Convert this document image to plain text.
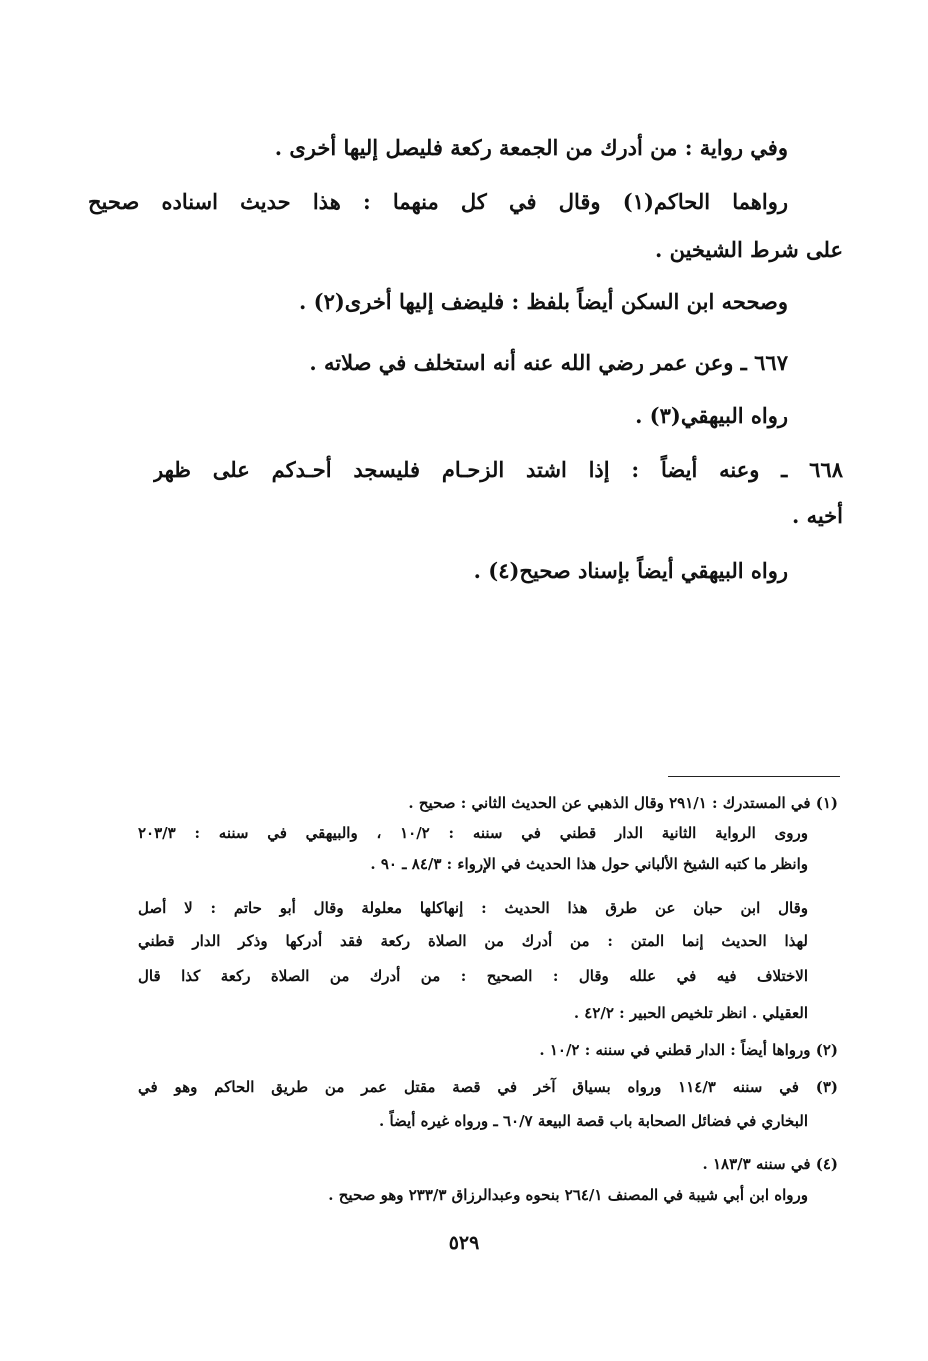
وفي رواية : من أدرك من الجمعة ركعة فليصل إليها أخرى .
رواهما الحاكم(١) وقال في كل منهما : هذا حديث اسناده صحيح
على شرط الشيخين .
وصححه ابن السكن أيضاً بلفظ : فليضف إليها أخرى(٢) .
٦٦٧ ـ وعن عمر رضي الله عنه أنه استخلف في صلاته .
رواه البيهقي(٣) .
٦٦٨ ـ وعنه أيضاً : إذا اشتد الزحـام فليسجد أحـدكم على ظهر
أخيه .
رواه البيهقي أيضاً بإسناد صحيح(٤) .
(١) في المستدرك : ٢٩١/١ وقال الذهبي عن الحديث الثاني : صحيح .
وروى الرواية الثانية الدار قطني في سننه : ١٠/٢ ، والبيهقي في سننه : ٢٠٣/٣
وانظر ما كتبه الشيخ الألباني حول هذا الحديث في الإرواء : ٨٤/٣ ـ ٩٠ .
وقال ابن حبان عن طرق هذا الحديث : إنهاكلها معلولة وقال أبو حاتم : لا أصل
لهذا الحديث إنما المتن : من أدرك من الصلاة ركعة فقد أدركها وذكر الدار قطني
الاختلاف فيه في علله وقال : الصحيح : من أدرك من الصلاة ركعة كذا قال
العقيلي . انظر تلخيص الحبير : ٤٢/٢ .
(٢) ورواها أيضاً : الدار قطني في سننه : ١٠/٢ .
(٣) في سننه ١١٤/٣ ورواه بسياق آخر في قصة مقتل عمر من طريق الحاكم وهو في
البخاري في فضائل الصحابة باب قصة البيعة ٦٠/٧ ـ ورواه غيره أيضاً .
(٤) في سننه ١٨٣/٣ .
ورواه ابن أبي شيبة في المصنف ٢٦٤/١ بنحوه وعبدالرزاق ٢٣٣/٣ وهو صحيح .
٥٢٩
